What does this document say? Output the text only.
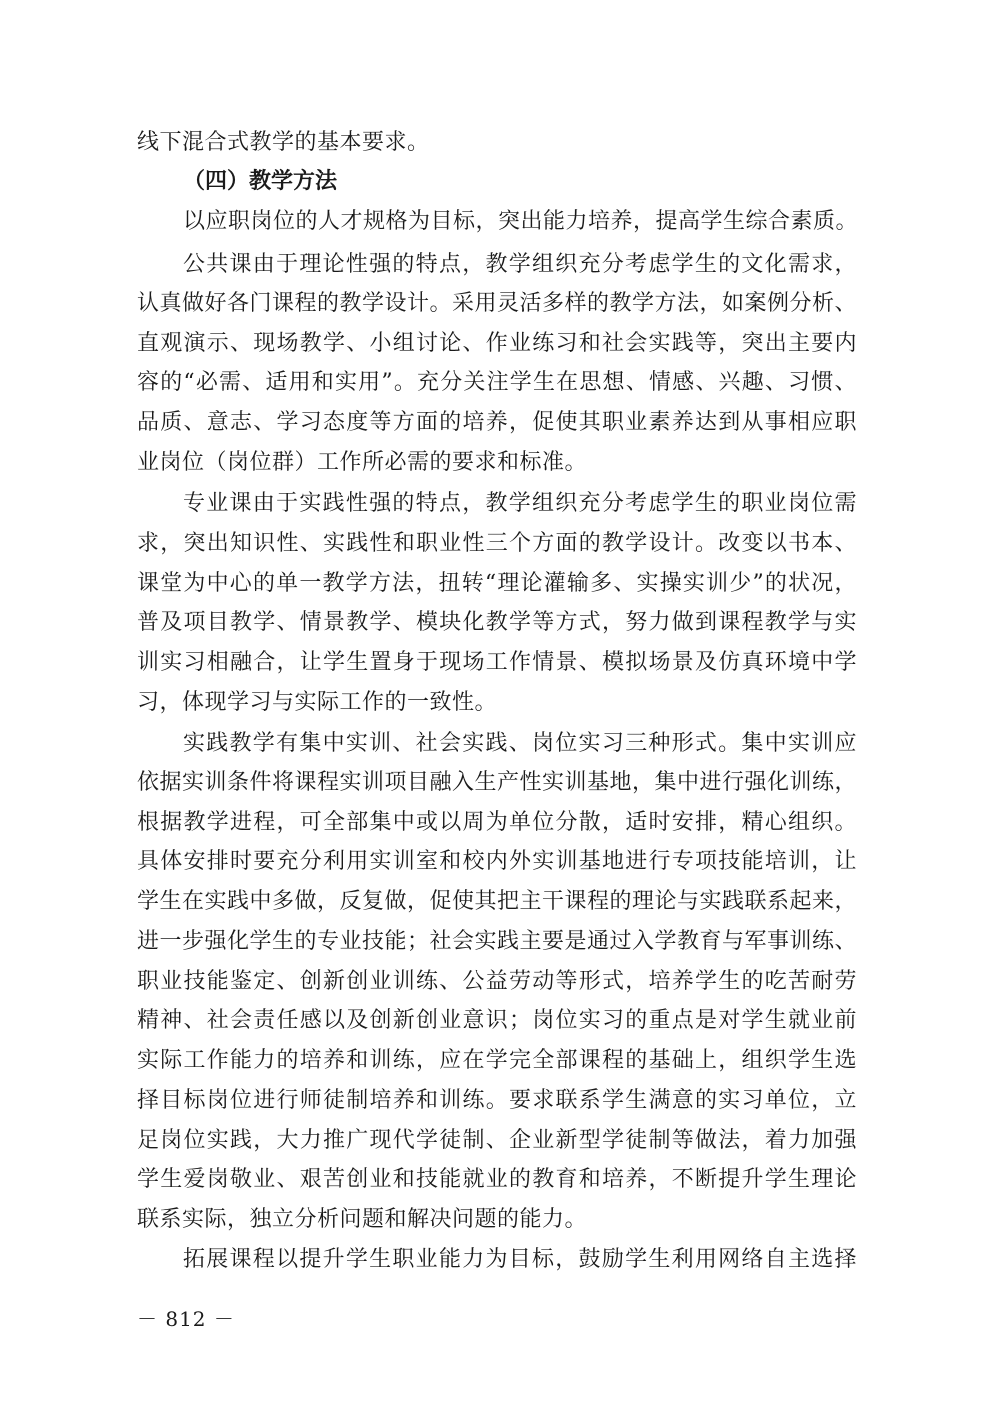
线下混合式教学的基本要求。
（四）教学方法
以应职岗位的人才规格为目标，突出能力培养，提高学生综合素质。
公共课由于理论性强的特点，教学组织充分考虑学生的文化需求，
认真做好各门课程的教学设计。采用灵活多样的教学方法，如案例分析、
直观演示、现场教学、小组讨论、作业练习和社会实践等，突出主要内
容的“必需、适用和实用”。充分关注学生在思想、情感、兴趣、习惯、
品质、意志、学习态度等方面的培养，促使其职业素养达到从事相应职
业岗位（岗位群）工作所必需的要求和标准。
专业课由于实践性强的特点，教学组织充分考虑学生的职业岗位需
求，突出知识性、实践性和职业性三个方面的教学设计。改变以书本、
课堂为中心的单一教学方法，扭转“理论灌输多、实操实训少”的状况，
普及项目教学、情景教学、模块化教学等方式，努力做到课程教学与实
训实习相融合，让学生置身于现场工作情景、模拟场景及仿真环境中学
习，体现学习与实际工作的一致性。
实践教学有集中实训、社会实践、岗位实习三种形式。集中实训应
依据实训条件将课程实训项目融入生产性实训基地，集中进行强化训练，
根据教学进程，可全部集中或以周为单位分散，适时安排，精心组织。
具体安排时要充分利用实训室和校内外实训基地进行专项技能培训，让
学生在实践中多做，反复做，促使其把主干课程的理论与实践联系起来，
进一步强化学生的专业技能；社会实践主要是通过入学教育与军事训练、
职业技能鉴定、创新创业训练、公益劳动等形式，培养学生的吃苦耐劳
精神、社会责任感以及创新创业意识；岗位实习的重点是对学生就业前
实际工作能力的培养和训练，应在学完全部课程的基础上，组织学生选
择目标岗位进行师徒制培养和训练。要求联系学生满意的实习单位，立
足岗位实践，大力推广现代学徒制、企业新型学徒制等做法，着力加强
学生爱岗敬业、艰苦创业和技能就业的教育和培养，不断提升学生理论
联系实际，独立分析问题和解决问题的能力。
拓展课程以提升学生职业能力为目标，鼓励学生利用网络自主选择
－ 812 －
